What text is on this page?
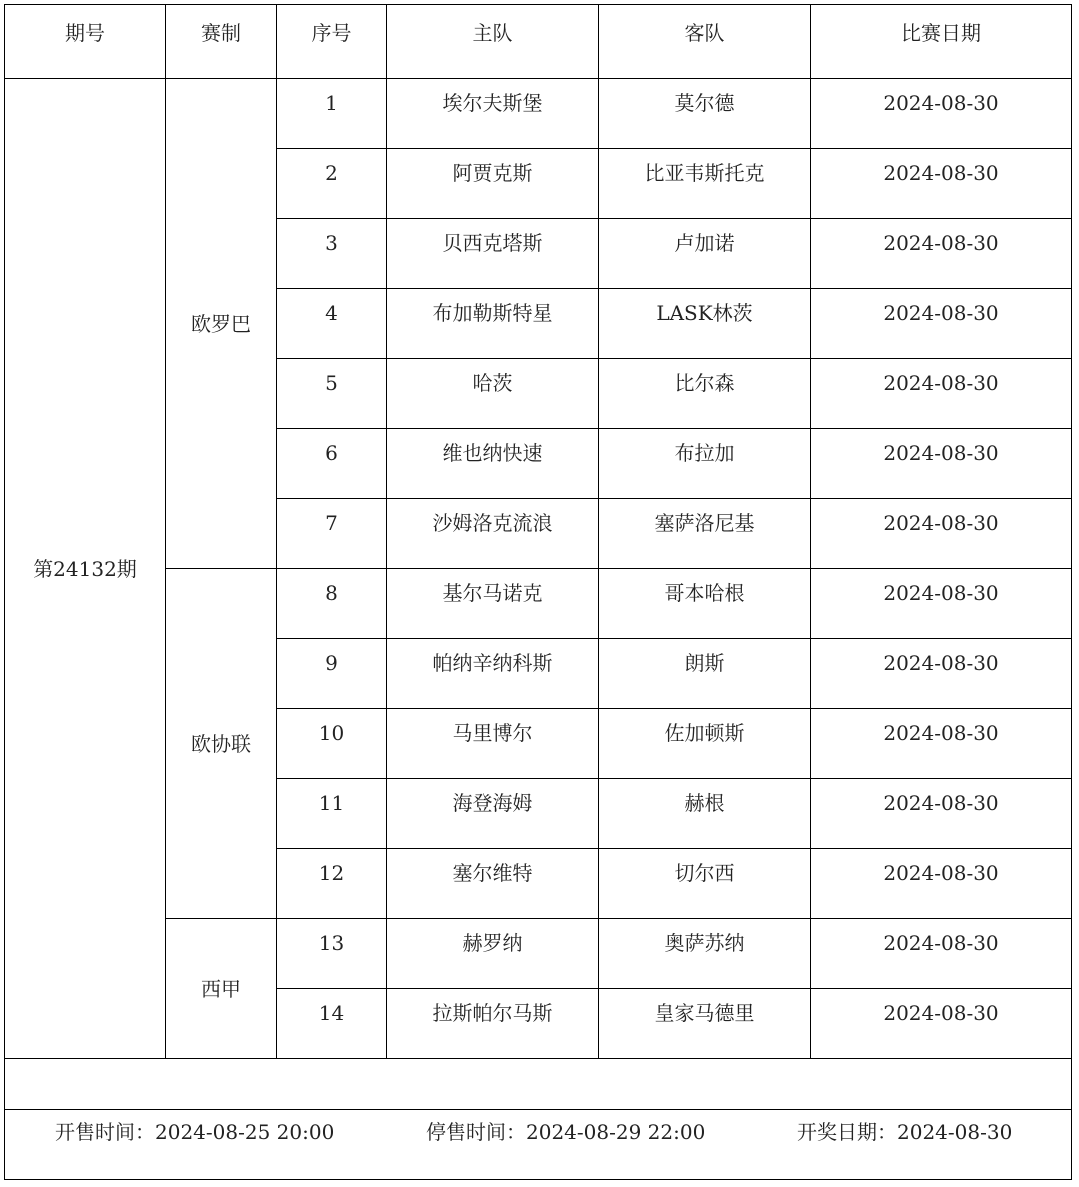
期号	赛制	序号	主队	客队	比赛日期
第24132期	欧罗巴	1	埃尔夫斯堡	莫尔德	2024-08-30
		2	阿贾克斯	比亚韦斯托克	2024-08-30
		3	贝西克塔斯	卢加诺	2024-08-30
		4	布加勒斯特星	LASK林茨	2024-08-30
		5	哈茨	比尔森	2024-08-30
		6	维也纳快速	布拉加	2024-08-30
		7	沙姆洛克流浪	塞萨洛尼基	2024-08-30
	欧协联	8	基尔马诺克	哥本哈根	2024-08-30
		9	帕纳辛纳科斯	朗斯	2024-08-30
		10	马里博尔	佐加顿斯	2024-08-30
		11	海登海姆	赫根	2024-08-30
		12	塞尔维特	切尔西	2024-08-30
	西甲	13	赫罗纳	奥萨苏纳	2024-08-30
		14	拉斯帕尔马斯	皇家马德里	2024-08-30

开售时间：2024-08-25 20:00 停售时间：2024-08-29 22:00 开奖日期：2024-08-30					
